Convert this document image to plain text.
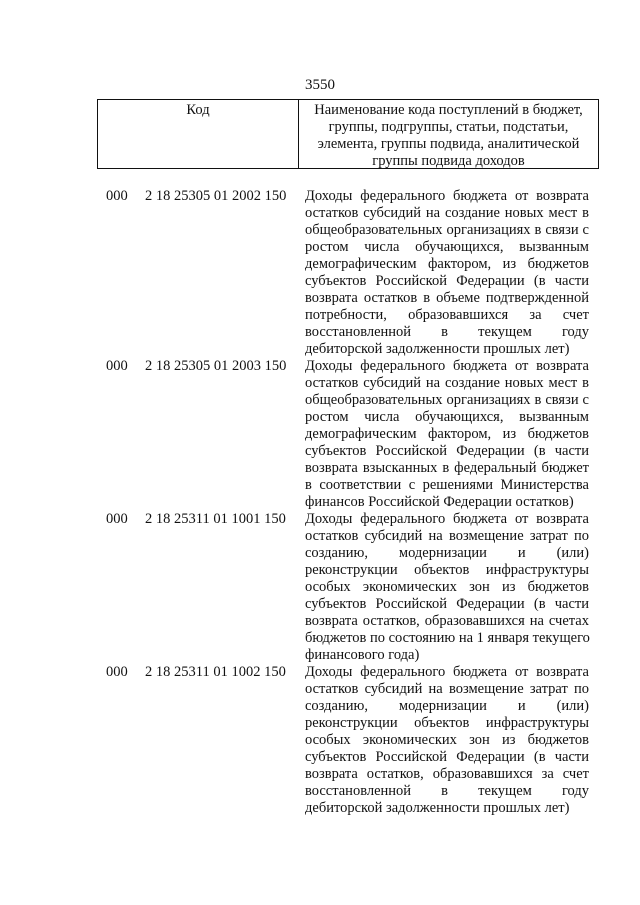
3550
Код	Наименование кода поступлений в бюджет,
группы, подгруппы, статьи, подстатьи,
элемента, группы подвида, аналитической
группы подвида доходов
000 2 18 25305 01 2002 150 Доходы федерального бюджета от возврата
остатков субсидий на создание новых мест в
общеобразовательных организациях в связи с
ростом числа обучающихся, вызванным
демографическим фактором, из бюджетов
субъектов Российской Федерации (в части
возврата остатков в объеме подтвержденной
потребности, образовавшихся за счет
восстановленной в текущем году
дебиторской задолженности прошлых лет)
000 2 18 25305 01 2003 150 Доходы федерального бюджета от возврата
остатков субсидий на создание новых мест в
общеобразовательных организациях в связи с
ростом числа обучающихся, вызванным
демографическим фактором, из бюджетов
субъектов Российской Федерации (в части
возврата взысканных в федеральный бюджет
в соответствии с решениями Министерства
финансов Российской Федерации остатков)
000 2 18 25311 01 1001 150 Доходы федерального бюджета от возврата
остатков субсидий на возмещение затрат по
созданию, модернизации и (или)
реконструкции объектов инфраструктуры
особых экономических зон из бюджетов
субъектов Российской Федерации (в части
возврата остатков, образовавшихся на счетах
бюджетов по состоянию на 1 января текущего
финансового года)
000 2 18 25311 01 1002 150 Доходы федерального бюджета от возврата
остатков субсидий на возмещение затрат по
созданию, модернизации и (или)
реконструкции объектов инфраструктуры
особых экономических зон из бюджетов
субъектов Российской Федерации (в части
возврата остатков, образовавшихся за счет
восстановленной в текущем году
дебиторской задолженности прошлых лет)
